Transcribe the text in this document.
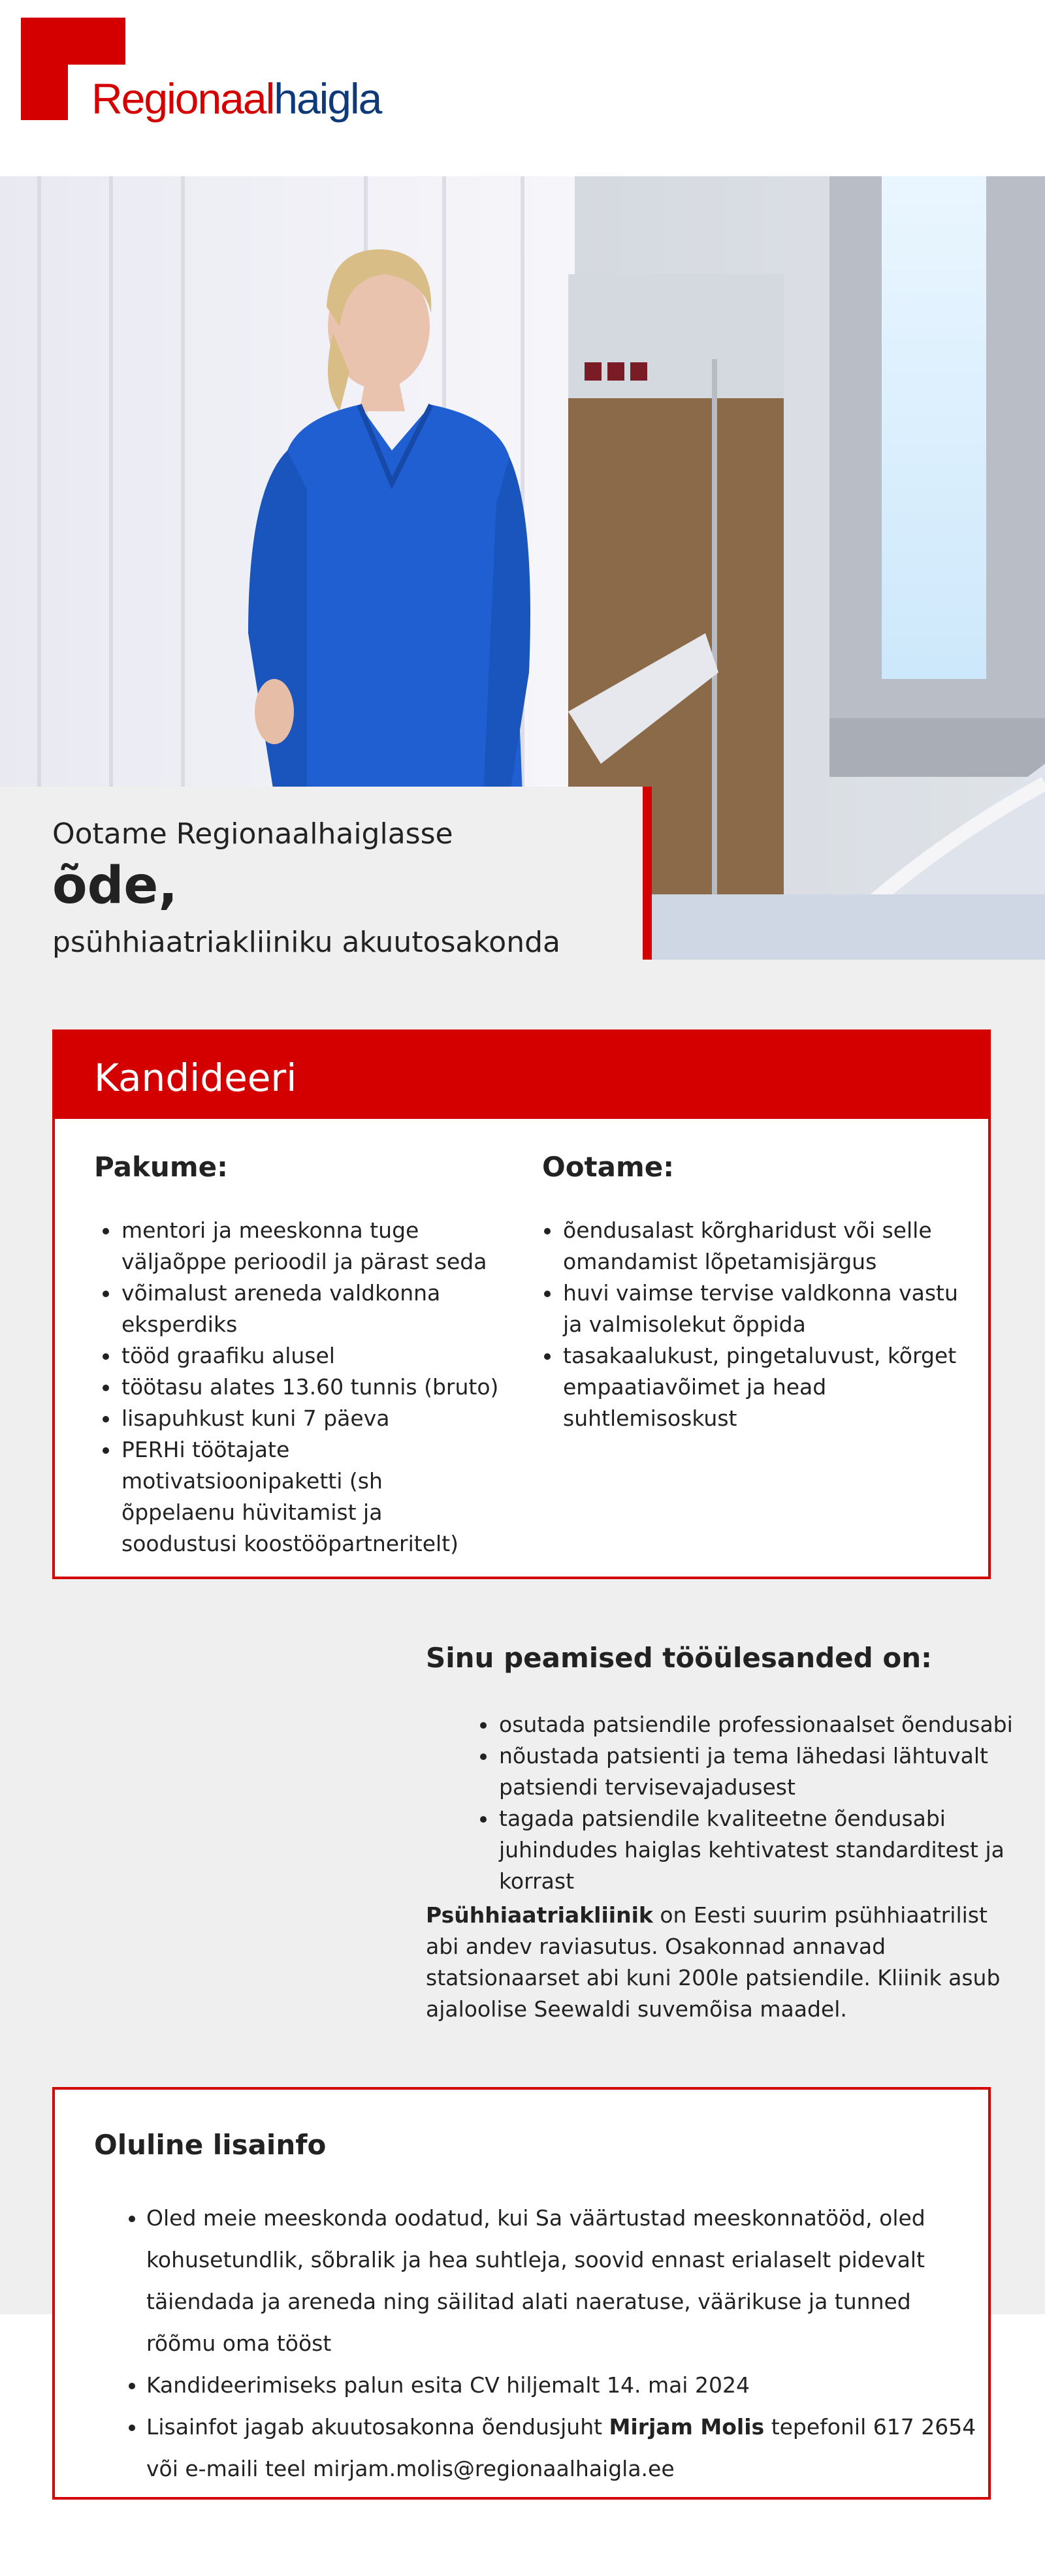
Regionaalhaigla
Ootame Regionaalhaiglasse
õde,
psühhiaatriakliiniku akuutosakonda
Kandideeri
Pakume:
• mentori ja meeskonna tuge väljaõppe perioodil ja pärast seda
• võimalust areneda valdkonna eksperdiks
• tööd graafiku alusel
• töötasu alates 13.60 tunnis (bruto)
• lisapuhkust kuni 7 päeva
• PERHi töötajate motivatsioonipaketti (sh õppelaenu hüvitamist ja soodustusi koostööpartneritelt)
Ootame:
• õendusalast kõrgharidust või selle omandamist lõpetamisjärgus
• huvi vaimse tervise valdkonna vastu ja valmisolekut õppida
• tasakaalukust, pingetaluvust, kõrget empaatiavõimet ja head suhtlemisoskust
Sinu peamised tööülesanded on:
• osutada patsiendile professionaalset õendusabi
• nõustada patsienti ja tema lähedasi lähtuvalt patsiendi tervisevajadusest
• tagada patsiendile kvaliteetne õendusabi juhindudes haiglas kehtivatest standarditest ja korrast
Psühhiaatriakliinik on Eesti suurim psühhiaatrilist abi andev raviasutus. Osakonnad annavad statsionaarset abi kuni 200le patsiendile. Kliinik asub ajaloolise Seewaldi suvemõisa maadel.
Oluline lisainfo
• Oled meie meeskonda oodatud, kui Sa väärtustad meeskonnatööd, oled kohusetundlik, sõbralik ja hea suhtleja, soovid ennast erialaselt pidevalt täiendada ja areneda ning säilitad alati naeratuse, väärikuse ja tunned rõõmu oma tööst
• Kandideerimiseks palun esita CV hiljemalt 14. mai 2024
• Lisainfot jagab akuutosakonna õendusjuht Mirjam Molis tepefonil 617 2654 või e-maili teel mirjam.molis@regionaalhaigla.ee
